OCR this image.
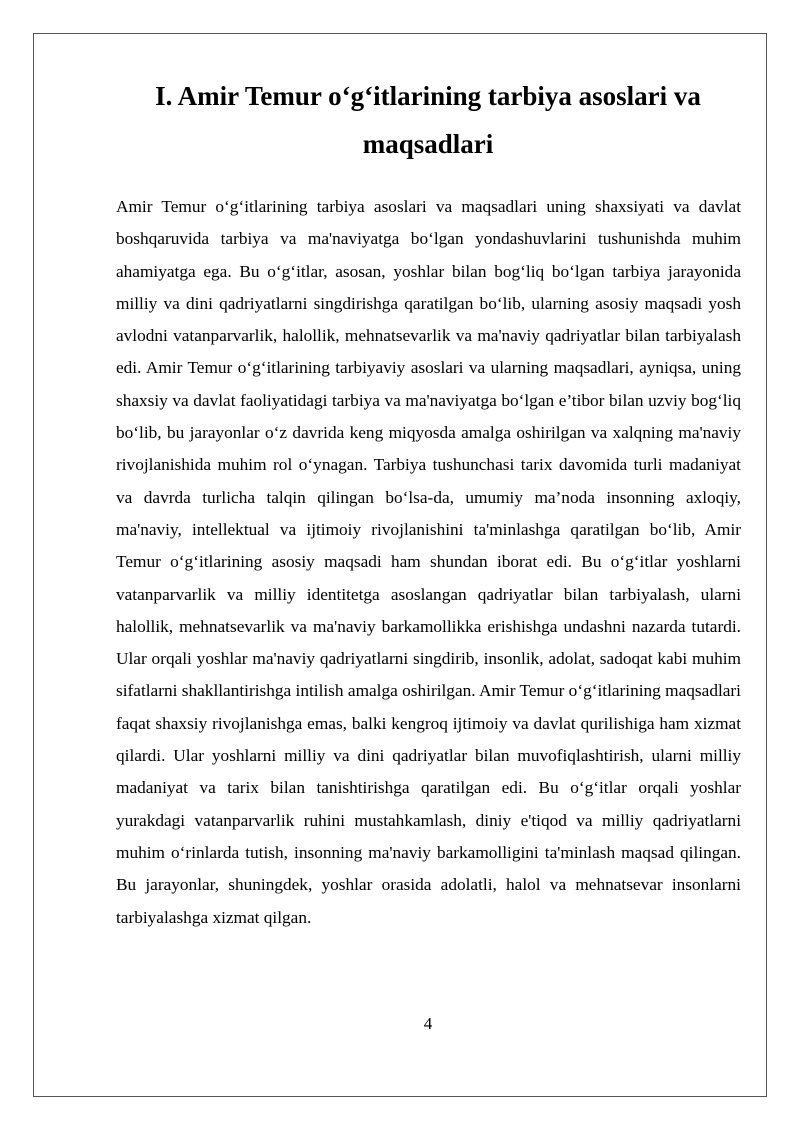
I. Amir Temur o‘g‘itlarining tarbiya asoslari va maqsadlari

Amir Temur o‘g‘itlarining tarbiya asoslari va maqsadlari uning shaxsiyati va davlat boshqaruvida tarbiya va ma'naviyatga bo‘lgan yondashuvlarini tushunishda muhim ahamiyatga ega. Bu o‘g‘itlar, asosan, yoshlar bilan bog‘liq bo‘lgan tarbiya jarayonida milliy va dini qadriyatlarni singdirishga qaratilgan bo‘lib, ularning asosiy maqsadi yosh avlodni vatanparvarlik, halollik, mehnatsevarlik va ma'naviy qadriyatlar bilan tarbiyalash edi. Amir Temur o‘g‘itlarining tarbiyaviy asoslari va ularning maqsadlari, ayniqsa, uning shaxsiy va davlat faoliyatidagi tarbiya va ma'naviyatga bo‘lgan e’tibor bilan uzviy bog‘liq bo‘lib, bu jarayonlar o‘z davrida keng miqyosda amalga oshirilgan va xalqning ma'naviy rivojlanishida muhim rol o‘ynagan. Tarbiya tushunchasi tarix davomida turli madaniyat va davrda turlicha talqin qilingan bo‘lsa-da, umumiy ma’noda insonning axloqiy, ma'naviy, intellektual va ijtimoiy rivojlanishini ta'minlashga qaratilgan bo‘lib, Amir Temur o‘g‘itlarining asosiy maqsadi ham shundan iborat edi. Bu o‘g‘itlar yoshlarni vatanparvarlik va milliy identitetga asoslangan qadriyatlar bilan tarbiyalash, ularni halollik, mehnatsevarlik va ma'naviy barkamollikka erishishga undashni nazarda tutardi. Ular orqali yoshlar ma'naviy qadriyatlarni singdirib, insonlik, adolat, sadoqat kabi muhim sifatlarni shakllantirishga intilish amalga oshirilgan. Amir Temur o‘g‘itlarining maqsadlari faqat shaxsiy rivojlanishga emas, balki kengroq ijtimoiy va davlat qurilishiga ham xizmat qilardi. Ular yoshlarni milliy va dini qadriyatlar bilan muvofiqlashtirish, ularni milliy madaniyat va tarix bilan tanishtirishga qaratilgan edi. Bu o‘g‘itlar orqali yoshlar yurakdagi vatanparvarlik ruhini mustahkamlash, diniy e'tiqod va milliy qadriyatlarni muhim o‘rinlarda tutish, insonning ma'naviy barkamolligini ta'minlash maqsad qilingan. Bu jarayonlar, shuningdek, yoshlar orasida adolatli, halol va mehnatsevar insonlarni tarbiyalashga xizmat qilgan.

4
